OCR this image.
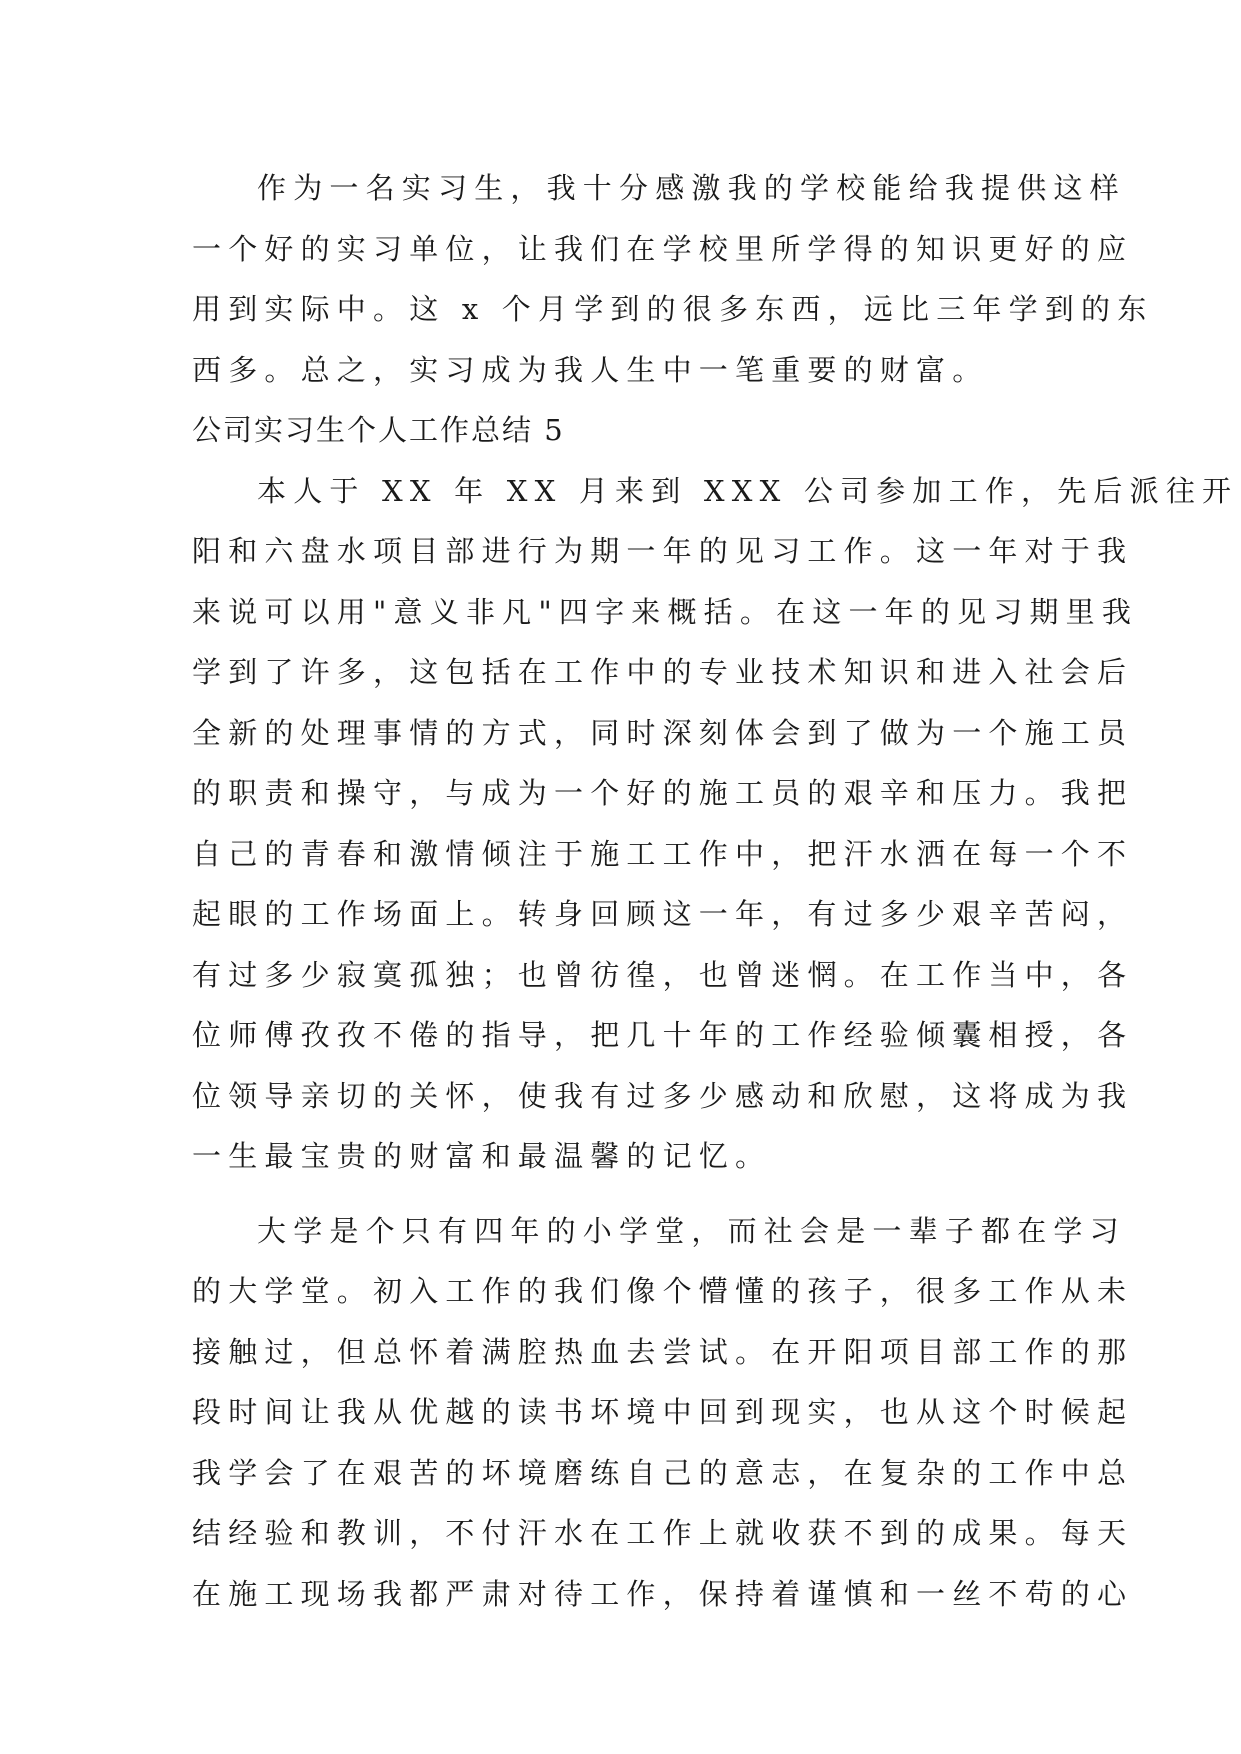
作为一名实习生，我十分感激我的学校能给我提供这样
一个好的实习单位，让我们在学校里所学得的知识更好的应
用到实际中。这 x 个月学到的很多东西，远比三年学到的东
西多。总之，实习成为我人生中一笔重要的财富。
公司实习生个人工作总结 5
本人于 XX 年 XX 月来到 XXX 公司参加工作，先后派往开
阳和六盘水项目部进行为期一年的见习工作。这一年对于我
来说可以用"意义非凡"四字来概括。在这一年的见习期里我
学到了许多，这包括在工作中的专业技术知识和进入社会后
全新的处理事情的方式，同时深刻体会到了做为一个施工员
的职责和操守，与成为一个好的施工员的艰辛和压力。我把
自己的青春和激情倾注于施工工作中，把汗水洒在每一个不
起眼的工作场面上。转身回顾这一年，有过多少艰辛苦闷，
有过多少寂寞孤独；也曾彷徨，也曾迷惘。在工作当中，各
位师傅孜孜不倦的指导，把几十年的工作经验倾囊相授，各
位领导亲切的关怀，使我有过多少感动和欣慰，这将成为我
一生最宝贵的财富和最温馨的记忆。
大学是个只有四年的小学堂，而社会是一辈子都在学习
的大学堂。初入工作的我们像个懵懂的孩子，很多工作从未
接触过，但总怀着满腔热血去尝试。在开阳项目部工作的那
段时间让我从优越的读书坏境中回到现实，也从这个时候起
我学会了在艰苦的坏境磨练自己的意志，在复杂的工作中总
结经验和教训，不付汗水在工作上就收获不到的成果。每天
在施工现场我都严肃对待工作，保持着谨慎和一丝不苟的心
